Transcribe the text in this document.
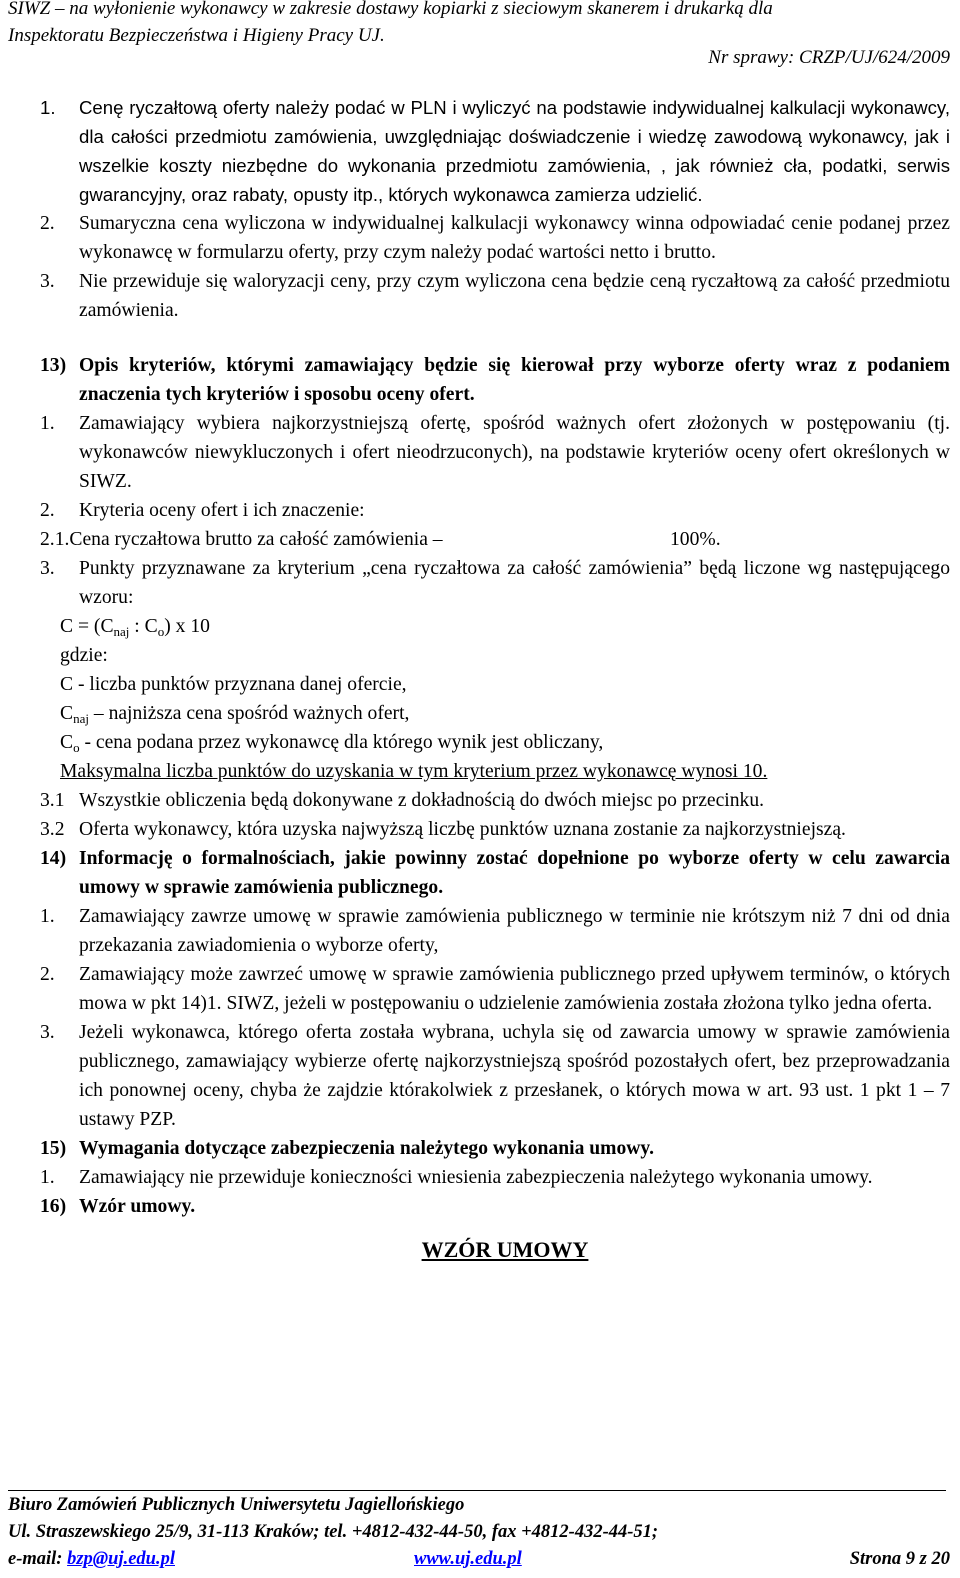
SIWZ – na wyłonienie wykonawcy w zakresie dostawy kopiarki z sieciowym skanerem i drukarką dla
Inspektoratu Bezpieczeństwa i Higieny Pracy UJ.
Nr sprawy: CRZP/UJ/624/2009
1. Cenę ryczałtową oferty należy podać w PLN i wyliczyć na podstawie indywidualnej kalkulacji wykonawcy, dla całości przedmiotu zamówienia, uwzględniając doświadczenie i wiedzę zawodową wykonawcy, jak i wszelkie koszty niezbędne do wykonania przedmiotu zamówienia, , jak również cła, podatki, serwis gwarancyjny, oraz rabaty, opusty itp., których wykonawca zamierza udzielić.
2. Sumaryczna cena wyliczona w indywidualnej kalkulacji wykonawcy winna odpowiadać cenie podanej przez wykonawcę w formularzu oferty, przy czym należy podać wartości netto i brutto.
3. Nie przewiduje się waloryzacji ceny, przy czym wyliczona cena będzie ceną ryczałtową za całość przedmiotu zamówienia.
13) Opis kryteriów, którymi zamawiający będzie się kierował przy wyborze oferty wraz z podaniem znaczenia tych kryteriów i sposobu oceny ofert.
1. Zamawiający wybiera najkorzystniejszą ofertę, spośród ważnych ofert złożonych w postępowaniu (tj. wykonawców niewykluczonych i ofert nieodrzuconych), na podstawie kryteriów oceny ofert określonych w SIWZ.
2. Kryteria oceny ofert i ich znaczenie:
2.1.Cena ryczałtowa brutto za całość zamówienia –	100%.
3. Punkty przyznawane za kryterium „cena ryczałtowa za całość zamówienia” będą liczone wg następującego wzoru:
$C = (C_{naj}$ : $C_o$) x 10
gdzie:
C - liczba punktów przyznana danej ofercie,
$C_{naj}$ – najniższa cena spośród ważnych ofert,
$C_o$ - cena podana przez wykonawcę dla którego wynik jest obliczany,
Maksymalna liczba punktów do uzyskania w tym kryterium przez wykonawcę wynosi 10.
3.1 Wszystkie obliczenia będą dokonywane z dokładnością do dwóch miejsc po przecinku.
3.2 Oferta wykonawcy, która uzyska najwyższą liczbę punktów uznana zostanie za najkorzystniejszą.
14) Informację o formalnościach, jakie powinny zostać dopełnione po wyborze oferty w celu zawarcia umowy w sprawie zamówienia publicznego.
1. Zamawiający zawrze umowę w sprawie zamówienia publicznego w terminie nie krótszym niż 7 dni od dnia przekazania zawiadomienia o wyborze oferty,
2. Zamawiający może zawrzeć umowę w sprawie zamówienia publicznego przed upływem terminów, o których mowa w pkt 14)1. SIWZ, jeżeli w postępowaniu o udzielenie zamówienia została złożona tylko jedna oferta.
3. Jeżeli wykonawca, którego oferta została wybrana, uchyla się od zawarcia umowy w sprawie zamówienia publicznego, zamawiający wybierze ofertę najkorzystniejszą spośród pozostałych ofert, bez przeprowadzania ich ponownej oceny, chyba że zajdzie którakolwiek z przesłanek, o których mowa w art. 93 ust. 1 pkt 1 – 7 ustawy PZP.
15) Wymagania dotyczące zabezpieczenia należytego wykonania umowy.
1. Zamawiający nie przewiduje konieczności wniesienia zabezpieczenia należytego wykonania umowy.
16) Wzór umowy.
WZÓR UMOWY
Biuro Zamówień Publicznych Uniwersytetu Jagiellońskiego
Ul. Straszewskiego 25/9, 31-113 Kraków; tel. +4812-432-44-50, fax +4812-432-44-51;
e-mail: bzp@uj.edu.pl	www.uj.edu.pl	Strona 9 z 20
